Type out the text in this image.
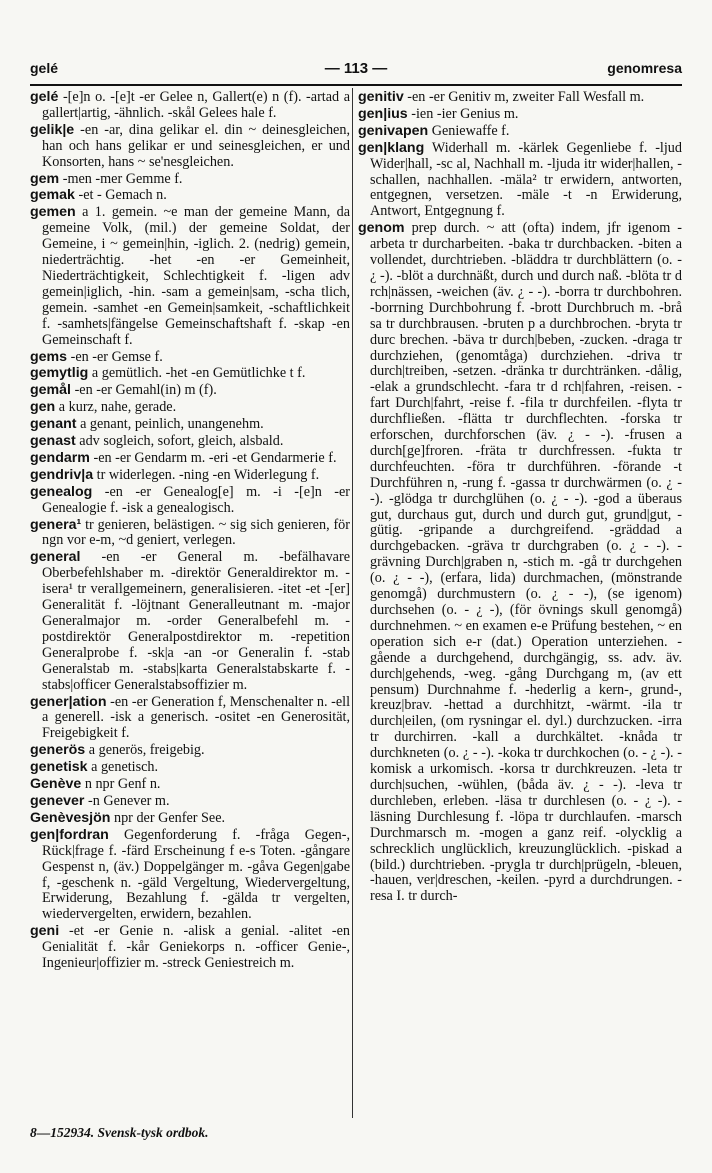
gelé	— 113 —	genomresa
gelé -[e]n o. -[e]t -er Gelee n, Gallert(e) n (f). -artad a gallert|artig, -ähnlich. -skål Gelees hale f.
gelik|e -en -ar, dina gelikar el. din ~ deinesgleichen, han och hans gelikar er und seinesgleichen, er und Konsorten, hans ~ se'nesgleichen.
gem -men -mer Gemme f.
gemak -et - Gemach n.
gemen a 1. gemein. ~e man der gemeine Mann, da gemeine Volk, (mil.) der gemeine Soldat, der Gemeine, i ~ gemein|hin, -iglich. 2. (nedrig) gemein, niederträchtig. -het -en -er Gemeinheit, Niederträchtigkeit, Schlechtigkeit f. -ligen adv gemein|iglich, -hin. -sam a gemein|sam, -scha tlich, gemein. -samhet -en Gemein|samkeit, -schaftlichkeit f. -samhets|fängelse Gemeinschaftshaft f. -skap -en Gemeinschaft f.
gems -en -er Gemse f.
gemytlig a gemütlich. -het -en Gemütlichke t f.
gemål -en -er Gemahl(in) m (f).
gen a kurz, nahe, gerade.
genant a genant, peinlich, unangenehm.
genast adv sogleich, sofort, gleich, alsbald.
gendarm -en -er Gendarm m. -eri -et Gendarmerie f.
gendriv|a tr widerlegen. -ning -en Widerlegung f.
genealog -en -er Genealog[e] m. -i -[e]n -er Genealogie f. -isk a genealogisch.
genera¹ tr genieren, belästigen. ~ sig sich genieren, för ngn vor e-m, ~d geniert, verlegen.
general -en -er General m. -befälhavare Oberbefehlshaber m. -direktör Generaldirektor m. -isera¹ tr verallgemeinern, generalisieren. -itet -et -[er] Generalität f. -löjtnant Generalleutnant m. -major Generalmajor m. -order Generalbefehl m. -postdirektör Generalpostdirektor m. -repetition Generalprobe f. -sk|a -an -or Generalin f. -stab Generalstab m. -stabs|karta Generalstabskarte f. -stabs|officer Generalstabsoffizier m.
gener|ation -en -er Generation f, Menschenalter n. -ell a generell. -isk a generisch. -ositet -en Generosität, Freigebigkeit f.
generös a generös, freigebig.
genetisk a genetisch.
Genève n npr Genf n.
genever -n Genever m.
Genèvesjön npr der Genfer See.
gen|fordran Gegenforderung f. -fråga Gegen-, Rück|frage f. -färd Erscheinung f e-s Toten. -gångare Gespenst n, (äv.) Doppelgänger m. -gåva Gegen|gabe f, -geschenk n. -gäld Vergeltung, Wiedervergeltung, Erwiderung, Bezahlung f. -gälda tr vergelten, wiedervergelten, erwidern, bezahlen.
geni -et -er Genie n. -alisk a genial. -alitet -en Genialität f. -kår Geniekorps n. -officer Genie-, Ingenieur|offizier m. -streck Geniestreich m.
genitiv -en -er Genitiv m, zweiter Fall Wesfall m.
gen|ius -ien -ier Genius m.
genivapen Geniewaffe f.
gen|klang Widerhall m. -kärlek Gegenliebe f. -ljud Wider|hall, -sc al, Nachhall m. -ljuda itr wider|hallen, -schallen, nachhallen. -mäla² tr erwidern, antworten, entgegnen, versetzen. -mäle -t -n Erwiderung, Antwort, Entgegnung f.
genom prep durch. ~ att (ofta) indem, jfr igenom -arbeta tr durcharbeiten. -baka tr durchbacken. -biten a vollendet, durchtrieben. -bläddra tr durchblättern (o. - ¿ -). -blöt a durchnäßt, durch und durch naß. -blöta tr d rch|nässen, -weichen (äv. ¿ - -). -borra tr durchbohren. -borrning Durchbohrung f. -brott Durchbruch m. -brå sa tr durchbrausen. -bruten p a durchbrochen. -bryta tr durc brechen. -bäva tr durch|beben, -zucken. -draga tr durchziehen, (genomtåga) durchziehen. -driva tr durch|treiben, -setzen. -dränka tr durchtränken. -dålig, -elak a grundschlecht. -fara tr d rch|fahren, -reisen. -fart Durch|fahrt, -reise f. -fila tr durchfeilen. -flyta tr durchfließen. -flätta tr durchflechten. -forska tr erforschen, durchforschen (äv. ¿ - -). -frusen a durch[ge]froren. -fräta tr durchfressen. -fukta tr durchfeuchten. -föra tr durchführen. -förande -t Durchführen n, -rung f. -gassa tr durchwärmen (o. ¿ - -). -glödga tr durchglühen (o. ¿ - -). -god a überaus gut, durchaus gut, durch und durch gut, grund|gut, -gütig. -gripande a durchgreifend. -gräddad a durchgebacken. -gräva tr durchgraben (o. ¿ - -). -grävning Durch|graben n, -stich m. -gå tr durchgehen (o. ¿ - -), (erfara, lida) durchmachen, (mönstrande genomgå) durchmustern (o. ¿ - -), (se igenom) durchsehen (o. - ¿ -), (för övnings skull genomgå) durchnehmen. ~ en examen e-e Prüfung bestehen, ~ en operation sich e-r (dat.) Operation unterziehen. -gående a durchgehend, durchgängig, ss. adv. äv. durch|gehends, -weg. -gång Durchgang m, (av ett pensum) Durchnahme f. -hederlig a kern-, grund-, kreuz|brav. -hettad a durchhitzt, -wärmt. -ila tr durch|eilen, (om rysningar el. dyl.) durchzucken. -irra tr durchirren. -kall a durchkältet. -knåda tr durchkneten (o. ¿ - -). -koka tr durchkochen (o. - ¿ -). -komisk a urkomisch. -korsa tr durchkreuzen. -leta tr durch|suchen, -wühlen, (båda äv. ¿ - -). -leva tr durchleben, erleben. -läsa tr durchlesen (o. - ¿ -). -läsning Durchlesung f. -löpa tr durchlaufen. -marsch Durchmarsch m. -mogen a ganz reif. -olycklig a schrecklich unglücklich, kreuzunglücklich. -piskad a (bild.) durchtrieben. -prygla tr durch|prügeln, -bleuen, -hauen, ver|dreschen, -keilen. -pyrd a durchdrungen. -resa I. tr durch-
8—152934. Svensk-tysk ordbok.
